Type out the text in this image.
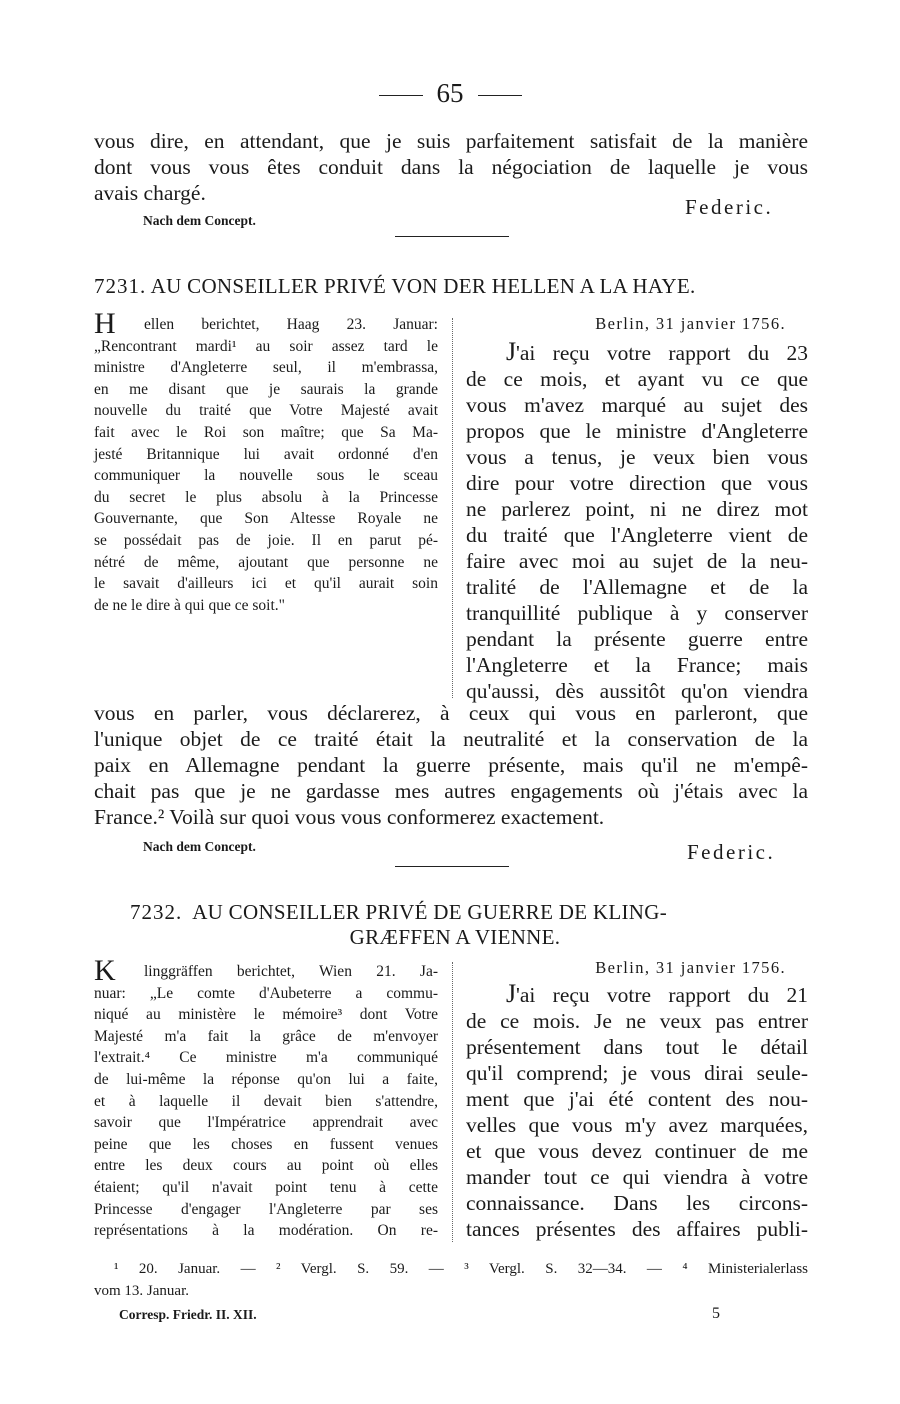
65
vous dire, en attendant, que je suis parfaitement satisfait de la manière
dont vous vous êtes conduit dans la négociation de laquelle je vous
avais chargé.
Federic.
Nach dem Concept.
7231. AU CONSEILLER PRIVÉ VON DER HELLEN A LA HAYE.
H ellen berichtet, Haag 23. Januar:
„Rencontrant mardi¹ au soir assez tard le
ministre d'Angleterre seul, il m'embrassa,
en me disant que je saurais la grande
nouvelle du traité que Votre Majesté avait
fait avec le Roi son maître; que Sa Ma-
jesté Britannique lui avait ordonné d'en
communiquer la nouvelle sous le sceau
du secret le plus absolu à la Princesse
Gouvernante, que Son Altesse Royale ne
se possédait pas de joie. Il en parut pé-
nétré de même, ajoutant que personne ne
le savait d'ailleurs ici et qu'il aurait soin
de ne le dire à qui que ce soit."
Berlin, 31 janvier 1756.
J 'ai reçu votre rapport du 23
de ce mois, et ayant vu ce que
vous m'avez marqué au sujet des
propos que le ministre d'Angleterre
vous a tenus, je veux bien vous
dire pour votre direction que vous
ne parlerez point, ni ne direz mot
du traité que l'Angleterre vient de
faire avec moi au sujet de la neu-
tralité de l'Allemagne et de la
tranquillité publique à y conserver
pendant la présente guerre entre
l'Angleterre et la France; mais
qu'aussi, dès aussitôt qu'on viendra
vous en parler, vous déclarerez, à ceux qui vous en parleront, que
l'unique objet de ce traité était la neutralité et la conservation de la
paix en Allemagne pendant la guerre présente, mais qu'il ne m'empê-
chait pas que je ne gardasse mes autres engagements où j'étais avec la
France.² Voilà sur quoi vous vous conformerez exactement.
Nach dem Concept.	Federic.
7232. AU CONSEILLER PRIVÉ DE GUERRE DE KLING-
GRÆFFEN A VIENNE.
K linggräffen berichtet, Wien 21. Ja-
nuar: „Le comte d'Aubeterre a commu-
niqué au ministère le mémoire³ dont Votre
Majesté m'a fait la grâce de m'envoyer
l'extrait.⁴ Ce ministre m'a communiqué
de lui-même la réponse qu'on lui a faite,
et à laquelle il devait bien s'attendre,
savoir que l'Impératrice apprendrait avec
peine que les choses en fussent venues
entre les deux cours au point où elles
étaient; qu'il n'avait point tenu à cette
Princesse d'engager l'Angleterre par ses
représentations à la modération. On re-
Berlin, 31 janvier 1756.
J 'ai reçu votre rapport du 21
de ce mois. Je ne veux pas entrer
présentement dans tout le détail
qu'il comprend; je vous dirai seule-
ment que j'ai été content des nou-
velles que vous m'y avez marquées,
et que vous devez continuer de me
mander tout ce qui viendra à votre
connaissance. Dans les circons-
tances présentes des affaires publi-
¹ 20. Januar. — ² Vergl. S. 59. — ³ Vergl. S. 32—34. — ⁴ Ministerialerlass
vom 13. Januar.
Corresp. Friedr. II. XII.	5
